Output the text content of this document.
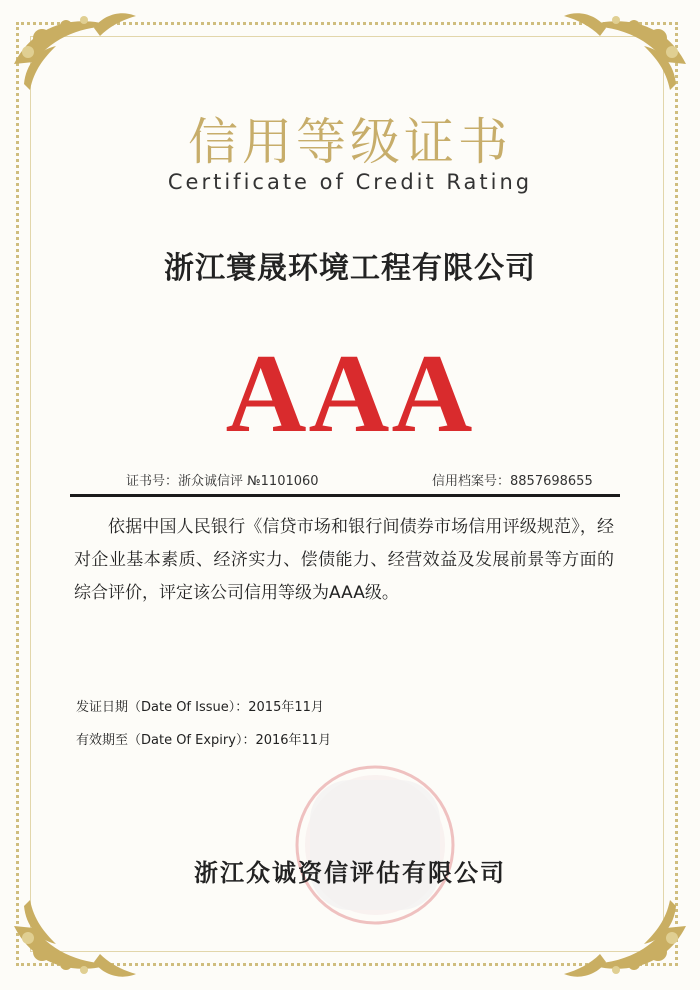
信用等级证书
Certificate of Credit Rating
浙江寰晟环境工程有限公司
AAA
证书号：浙众诚信评 №1101060	信用档案号：8857698655

依据中国人民银行《信贷市场和银行间债券市场信用评级规范》，经对企业基本素质、经济实力、偿债能力、经营效益及发展前景等方面的综合评价，评定该公司信用等级为AAA级。

发证日期（Date Of Issue）：2015年11月
有效期至（Date Of Expiry）：2016年11月
浙江众诚资信评估有限公司
